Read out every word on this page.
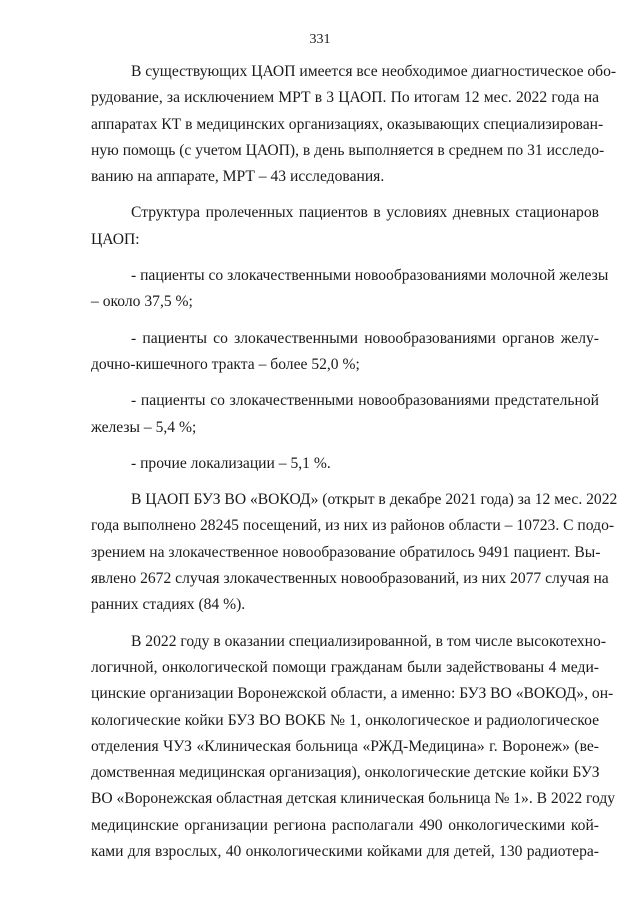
331
В существующих ЦАОП имеется все необходимое диагностическое обо-
рудование, за исключением МРТ в 3 ЦАОП. По итогам 12 мес. 2022 года на
аппаратах КТ в медицинских организациях, оказывающих специализирован-
ную помощь (с учетом ЦАОП), в день выполняется в среднем по 31 исследо-
ванию на аппарате, МРТ – 43 исследования.
Структура пролеченных пациентов в условиях дневных стационаров
ЦАОП:
- пациенты со злокачественными новообразованиями молочной железы
– около 37,5 %;
- пациенты со злокачественными новообразованиями органов желу-
дочно-кишечного тракта – более 52,0 %;
- пациенты со злокачественными новообразованиями предстательной
железы – 5,4 %;
- прочие локализации – 5,1 %.
В ЦАОП БУЗ ВО «ВОКОД» (открыт в декабре 2021 года) за 12 мес. 2022
года выполнено 28245 посещений, из них из районов области – 10723. С подо-
зрением на злокачественное новообразование обратилось 9491 пациент. Вы-
явлено 2672 случая злокачественных новообразований, из них 2077 случая на
ранних стадиях (84 %).
В 2022 году в оказании специализированной, в том числе высокотехно-
логичной, онкологической помощи гражданам были задействованы 4 меди-
цинские организации Воронежской области, а именно: БУЗ ВО «ВОКОД», он-
кологические койки БУЗ ВО ВОКБ № 1, онкологическое и радиологическое
отделения ЧУЗ «Клиническая больница «РЖД-Медицина» г. Воронеж» (ве-
домственная медицинская организация), онкологические детские койки БУЗ
ВО «Воронежская областная детская клиническая больница № 1». В 2022 году
медицинские организации региона располагали 490 онкологическими кой-
ками для взрослых, 40 онкологическими койками для детей, 130 радиотера-
